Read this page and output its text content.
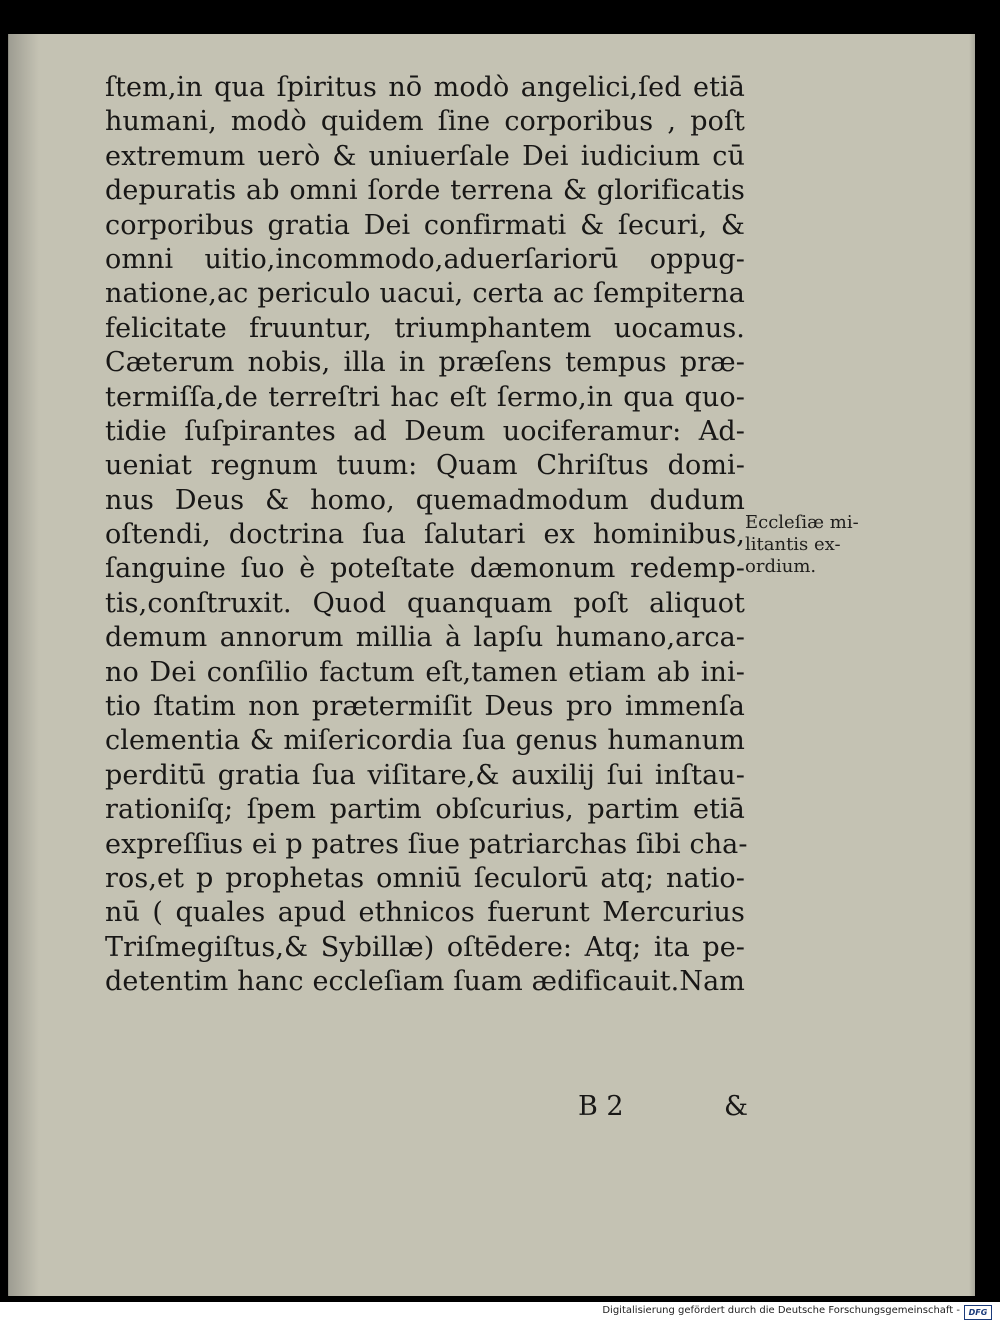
ſtem,in qua ſpiritus nō modò angelici,ſed etiā
humani, modò quidem ſine corporibus , poſt
extremum uerò & uniuerſale Dei iudicium cū
depuratis ab omni ſorde terrena & glorificatis
corporibus gratia Dei confirmati & ſecuri, &
omni uitio,incommodo,aduerſariorū oppug-
natione,ac periculo uacui, certa ac ſempiterna
felicitate fruuntur, triumphantem uocamus.
Cæterum nobis, illa in præſens tempus præ-
termiſſa,de terreſtri hac eſt ſermo,in qua quo-
tidie ſuſpirantes ad Deum uociferamur: Ad-
ueniat regnum tuum: Quam Chriſtus domi-
nus Deus & homo, quemadmodum dudum
oſtendi, doctrina ſua ſalutari ex hominibus,
ſanguine ſuo è poteſtate dæmonum redemp-
tis,conſtruxit. Quod quanquam poſt aliquot
demum annorum millia à lapſu humano,arca-
no Dei conſilio factum eſt,tamen etiam ab ini-
tio ſtatim non prætermiſit Deus pro immenſa
clementia & miſericordia ſua genus humanum
perditū gratia ſua viſitare,& auxilij ſui inſtau-
rationiſq; ſpem partim obſcurius, partim etiā
expreſſius ei p patres ſiue patriarchas ſibi cha-
ros,et p prophetas omniū ſeculorū atq; natio-
nū ( quales apud ethnicos fuerunt Mercurius
Triſmegiſtus,& Sybillæ) oſtēdere: Atq; ita pe-
detentim hanc eccleſiam ſuam ædificauit.Nam
Eccleſiæ mi-
litantis ex-
ordium.
B 2	&
Digitalisierung gefördert durch die Deutsche Forschungsgemeinschaft -	DFG
